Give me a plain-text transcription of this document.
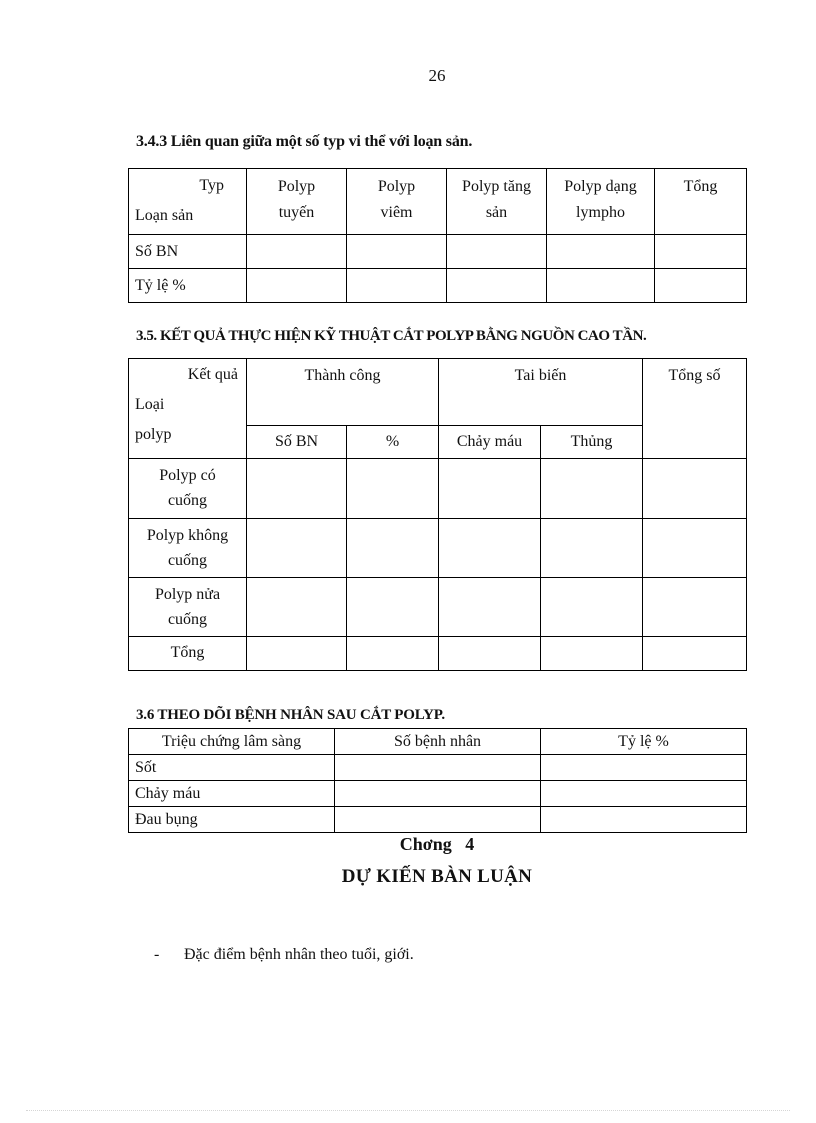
26
3.4.3 Liên quan giữa một số typ vi thể với loạn sản.
Typ
Loạn sản	Polyp tuyến	Polyp viêm	Polyp tăng sản	Polyp dạng lympho	Tổng
Số BN					
Tỷ lệ %					
3.5. KẾT QUẢ THỰC HIỆN KỸ THUẬT CẮT POLYP BẰNG NGUỒN CAO TẦN.
Kết quả
Loại
polyp	Thành công		Tai biến		Tổng số
	Số BN	%	Chảy máu	Thủng	
Polyp có cuống					
Polyp không cuống					
Polyp nửa cuống					
Tổng					
3.6 THEO DÕI BỆNH NHÂN SAU CẮT POLYP.
Triệu chứng lâm sàng	Số bệnh nhân	Tỷ lệ %
Sốt		
Chảy máu		
Đau bụng		
Chơng   4
DỰ KIẾN BÀN LUẬN
- Đặc điểm bệnh nhân theo tuổi, giới.
